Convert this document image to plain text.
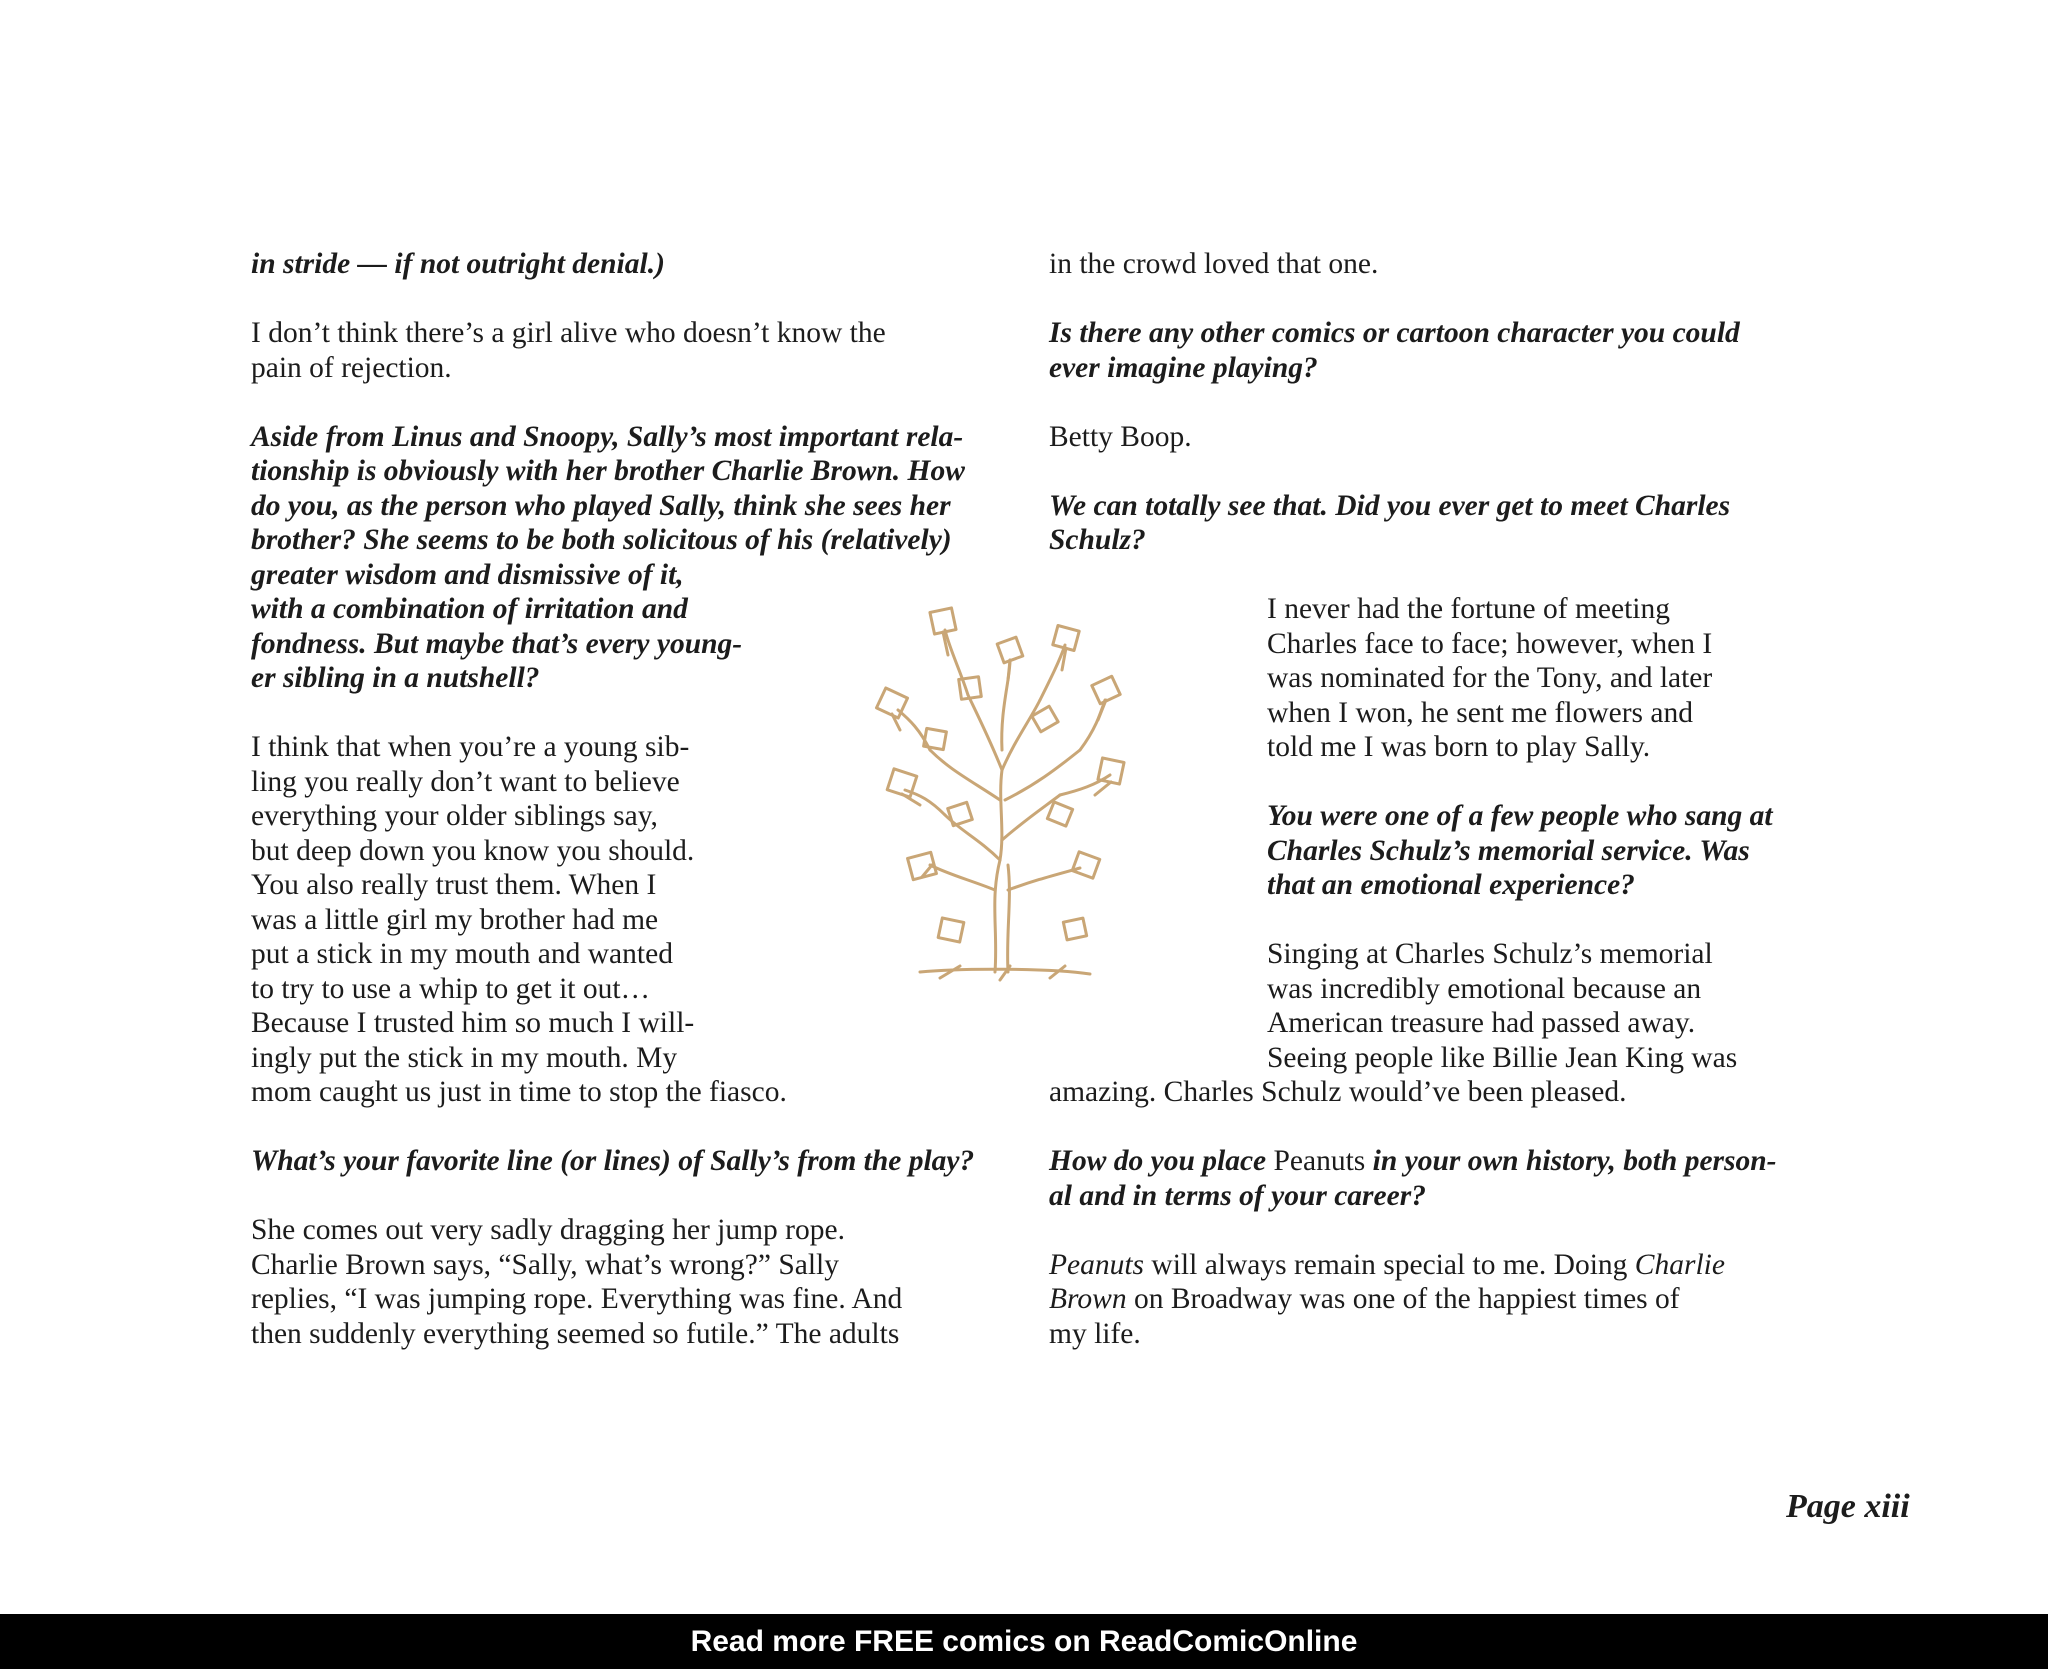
in stride — if not outright denial.)

I don’t think there’s a girl alive who doesn’t know the
pain of rejection.

Aside from Linus and Snoopy, Sally’s most important rela-
tionship is obviously with her brother Charlie Brown. How
do you, as the person who played Sally, think she sees her
brother? She seems to be both solicitous of his (relatively)
greater wisdom and dismissive of it,
with a combination of irritation and
fondness. But maybe that’s every young-
er sibling in a nutshell?

I think that when you’re a young sib-
ling you really don’t want to believe
everything your older siblings say,
but deep down you know you should.
You also really trust them. When I
was a little girl my brother had me
put a stick in my mouth and wanted
to try to use a whip to get it out…
Because I trusted him so much I will-
ingly put the stick in my mouth. My
mom caught us just in time to stop the fiasco.

What’s your favorite line (or lines) of Sally’s from the play?

She comes out very sadly dragging her jump rope.
Charlie Brown says, “Sally, what’s wrong?” Sally
replies, “I was jumping rope. Everything was fine. And
then suddenly everything seemed so futile.” The adults

in the crowd loved that one.

Is there any other comics or cartoon character you could
ever imagine playing?

Betty Boop.

We can totally see that. Did you ever get to meet Charles
Schulz?

I never had the fortune of meeting
Charles face to face; however, when I
was nominated for the Tony, and later
when I won, he sent me flowers and
told me I was born to play Sally.

You were one of a few people who sang at
Charles Schulz’s memorial service. Was
that an emotional experience?

Singing at Charles Schulz’s memorial
was incredibly emotional because an
American treasure had passed away.
Seeing people like Billie Jean King was
amazing. Charles Schulz would’ve been pleased.

How do you place Peanuts in your own history, both person-
al and in terms of your career?

Peanuts will always remain special to me. Doing Charlie
Brown on Broadway was one of the happiest times of
my life.

Page xiii
Read more FREE comics on ReadComicOnline
